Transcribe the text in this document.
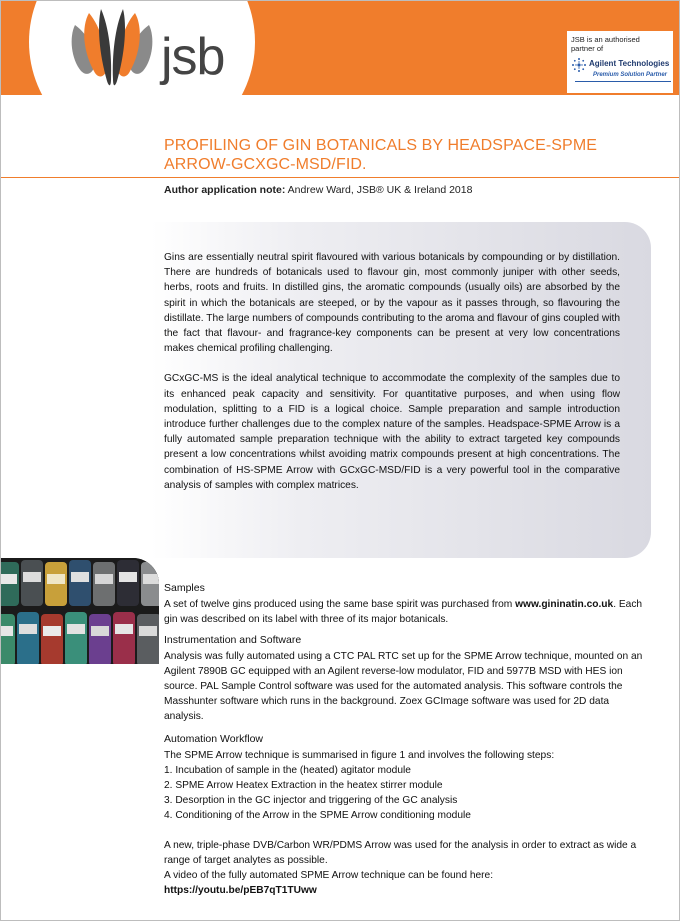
jsb	JSB is an authorised
partner of
Agilent Technologies
Premium Solution Partner
PROFILING OF GIN BOTANICALS BY HEADSPACE-SPME
ARROW-GCXGC-MSD/FID.
Author application note: Andrew Ward, JSB® UK & Ireland 2018

Gins are essentially neutral spirit flavoured with various botanicals by compounding or by distillation. There are hundreds of botanicals used to flavour gin, most commonly juniper with other seeds, herbs, roots and fruits. In distilled gins, the aromatic compounds (usually oils) are absorbed by the spirit in which the botanicals are steeped, or by the vapour as it passes through, so flavouring the distillate. The large numbers of compounds contributing to the aroma and flavour of gins coupled with the fact that flavour- and fragrance-key components can be present at very low concentrations makes chemical profiling challenging.

GCxGC-MS is the ideal analytical technique to accommodate the complexity of the samples due to its enhanced peak capacity and sensitivity. For quantitative purposes, and when using flow modulation, splitting to a FID is a logical choice. Sample preparation and sample introduction introduce further challenges due to the complex nature of the samples. Headspace-SPME Arrow is a fully automated sample preparation technique with the ability to extract targeted key compounds present a low concentrations whilst avoiding matrix compounds present at high concentrations. The combination of HS-SPME Arrow with GCxGC-MSD/FID is a very powerful tool in the comparative analysis of samples with complex matrices.

Samples

A set of twelve gins produced using the same base spirit was purchased from www.gininatin.co.uk. Each gin was described on its label with three of its major botanicals.

Instrumentation and Software

Analysis was fully automated using a CTC PAL RTC set up for the SPME Arrow technique, mounted on an Agilent 7890B GC equipped with an Agilent reverse-low modulator, FID and 5977B MSD with HES ion source. PAL Sample Control software was used for the automated analysis. This software controls the Masshunter software which runs in the background. Zoex GCImage software was used for 2D data analysis.

Automation Workflow

The SPME Arrow technique is summarised in figure 1 and involves the following steps:

1. Incubation of sample in the (heated) agitator module
2. SPME Arrow Heatex Extraction in the heatex stirrer module
3. Desorption in the GC injector and triggering of the GC analysis
4. Conditioning of the Arrow in the SPME Arrow conditioning module

A new, triple-phase DVB/Carbon WR/PDMS Arrow was used for the analysis in order to extract as wide a range of target analytes as possible.

A video of the fully automated SPME Arrow technique can be found here:

https://youtu.be/pEB7qT1TUww
